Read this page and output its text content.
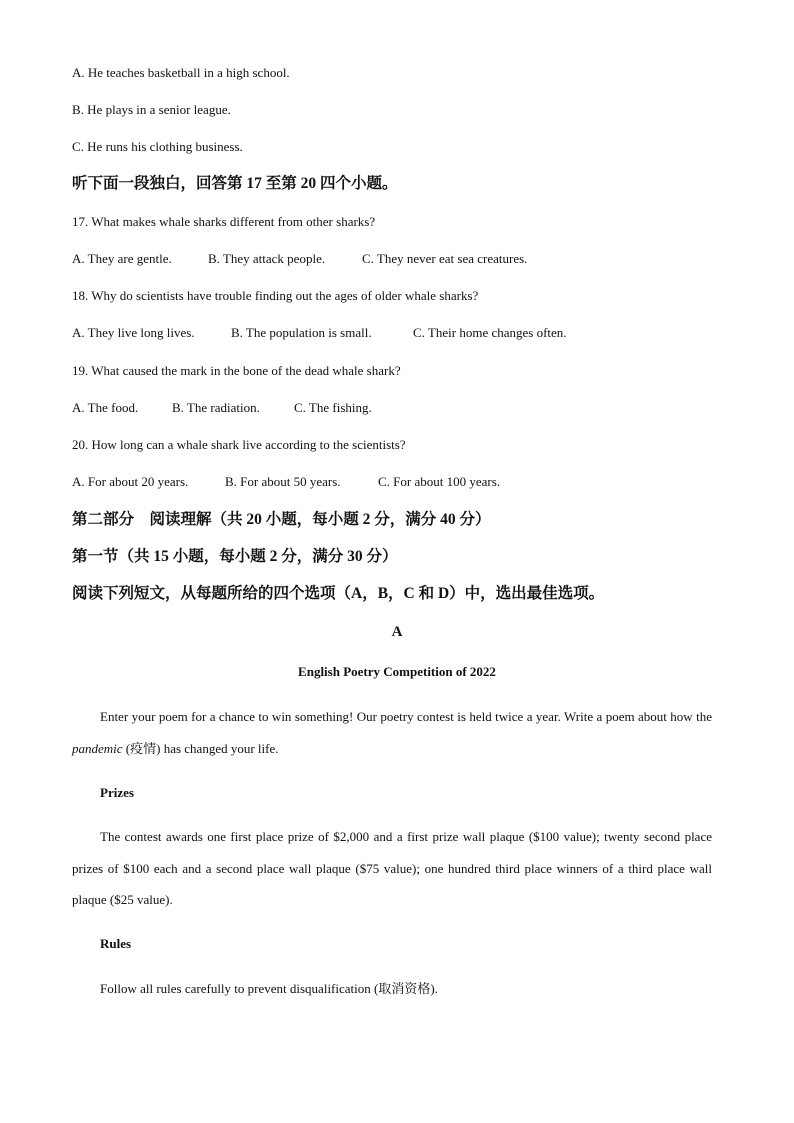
A. He teaches basketball in a high school.
B. He plays in a senior league.
C. He runs his clothing business.
听下面一段独白，回答第 17 至第 20 四个小题。
17. What makes whale sharks different from other sharks?
A. They are gentle.	B. They attack people.	C. They never eat sea creatures.
18. Why do scientists have trouble finding out the ages of older whale sharks?
A. They live long lives.	B. The population is small.	C. Their home changes often.
19. What caused the mark in the bone of the dead whale shark?
A. The food.	B. The radiation.	C. The fishing.
20. How long can a whale shark live according to the scientists?
A. For about 20 years.	B. For about 50 years.	C. For about 100 years.
第二部分　阅读理解（共 20 小题，每小题 2 分，满分 40 分）
第一节（共 15 小题，每小题 2 分，满分 30 分）
阅读下列短文，从每题所给的四个选项（A，B，C 和 D）中，选出最佳选项。
A
English Poetry Competition of 2022
Enter your poem for a chance to win something! Our poetry contest is held twice a year. Write a poem about how the pandemic (疫情) has changed your life.
Prizes
The contest awards one first place prize of $2,000 and a first prize wall plaque ($100 value); twenty second place prizes of $100 each and a second place wall plaque ($75 value); one hundred third place winners of a third place wall plaque ($25 value).
Rules
Follow all rules carefully to prevent disqualification (取消资格).
